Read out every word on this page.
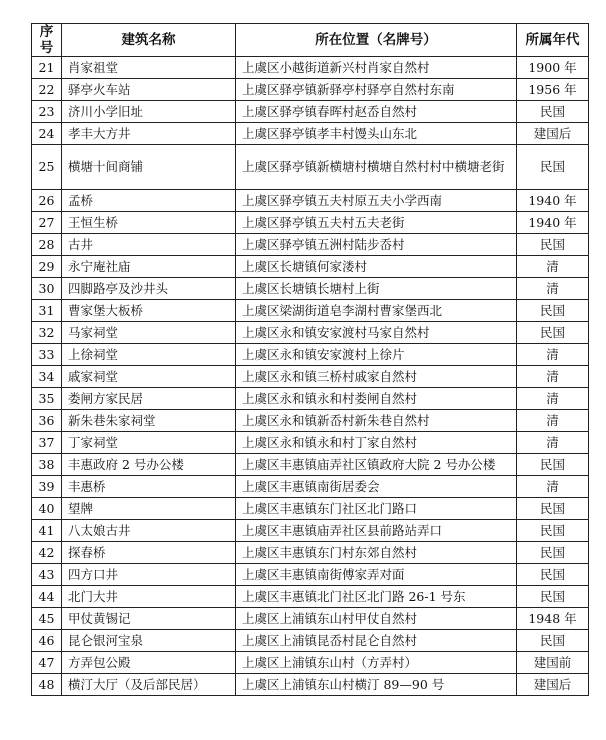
序号	建筑名称	所在位置（名牌号）	所属年代
21	肖家祖堂	上虞区小越街道新兴村肖家自然村	1900 年
22	驿亭火车站	上虞区驿亭镇新驿亭村驿亭自然村东南	1956 年
23	济川小学旧址	上虞区驿亭镇春晖村赵岙自然村	民国
24	孝丰大方井	上虞区驿亭镇孝丰村馒头山东北	建国后
25	横塘十间商铺	上虞区驿亭镇新横塘村横塘自然村村中横塘老街	民国
26	孟桥	上虞区驿亭镇五夫村原五夫小学西南	1940 年
27	王恒生桥	上虞区驿亭镇五夫村五夫老街	1940 年
28	古井	上虞区驿亭镇五洲村陆步岙村	民国
29	永宁庵社庙	上虞区长塘镇何家溇村	清
30	四脚路亭及沙井头	上虞区长塘镇长塘村上街	清
31	曹家堡大板桥	上虞区梁湖街道皂李湖村曹家堡西北	民国
32	马家祠堂	上虞区永和镇安家渡村马家自然村	民国
33	上徐祠堂	上虞区永和镇安家渡村上徐片	清
34	戚家祠堂	上虞区永和镇三桥村戚家自然村	清
35	娄闸方家民居	上虞区永和镇永和村娄闸自然村	清
36	新朱巷朱家祠堂	上虞区永和镇新岙村新朱巷自然村	清
37	丁家祠堂	上虞区永和镇永和村丁家自然村	清
38	丰惠政府 2 号办公楼	上虞区丰惠镇庙弄社区镇政府大院 2 号办公楼	民国
39	丰惠桥	上虞区丰惠镇南街居委会	清
40	望牌	上虞区丰惠镇东门社区北门路口	民国
41	八太娘古井	上虞区丰惠镇庙弄社区县前路站弄口	民国
42	探春桥	上虞区丰惠镇东门村东郊自然村	民国
43	四方口井	上虞区丰惠镇南街傅家弄对面	民国
44	北门大井	上虞区丰惠镇北门社区北门路 26-1 号东	民国
45	甲仗黄锡记	上虞区上浦镇东山村甲仗自然村	1948 年
46	昆仑银河宝泉	上虞区上浦镇昆岙村昆仑自然村	民国
47	方弄包公殿	上虞区上浦镇东山村（方弄村）	建国前
48	横汀大厅（及后部民居）	上虞区上浦镇东山村横汀 89—90 号	建国后
